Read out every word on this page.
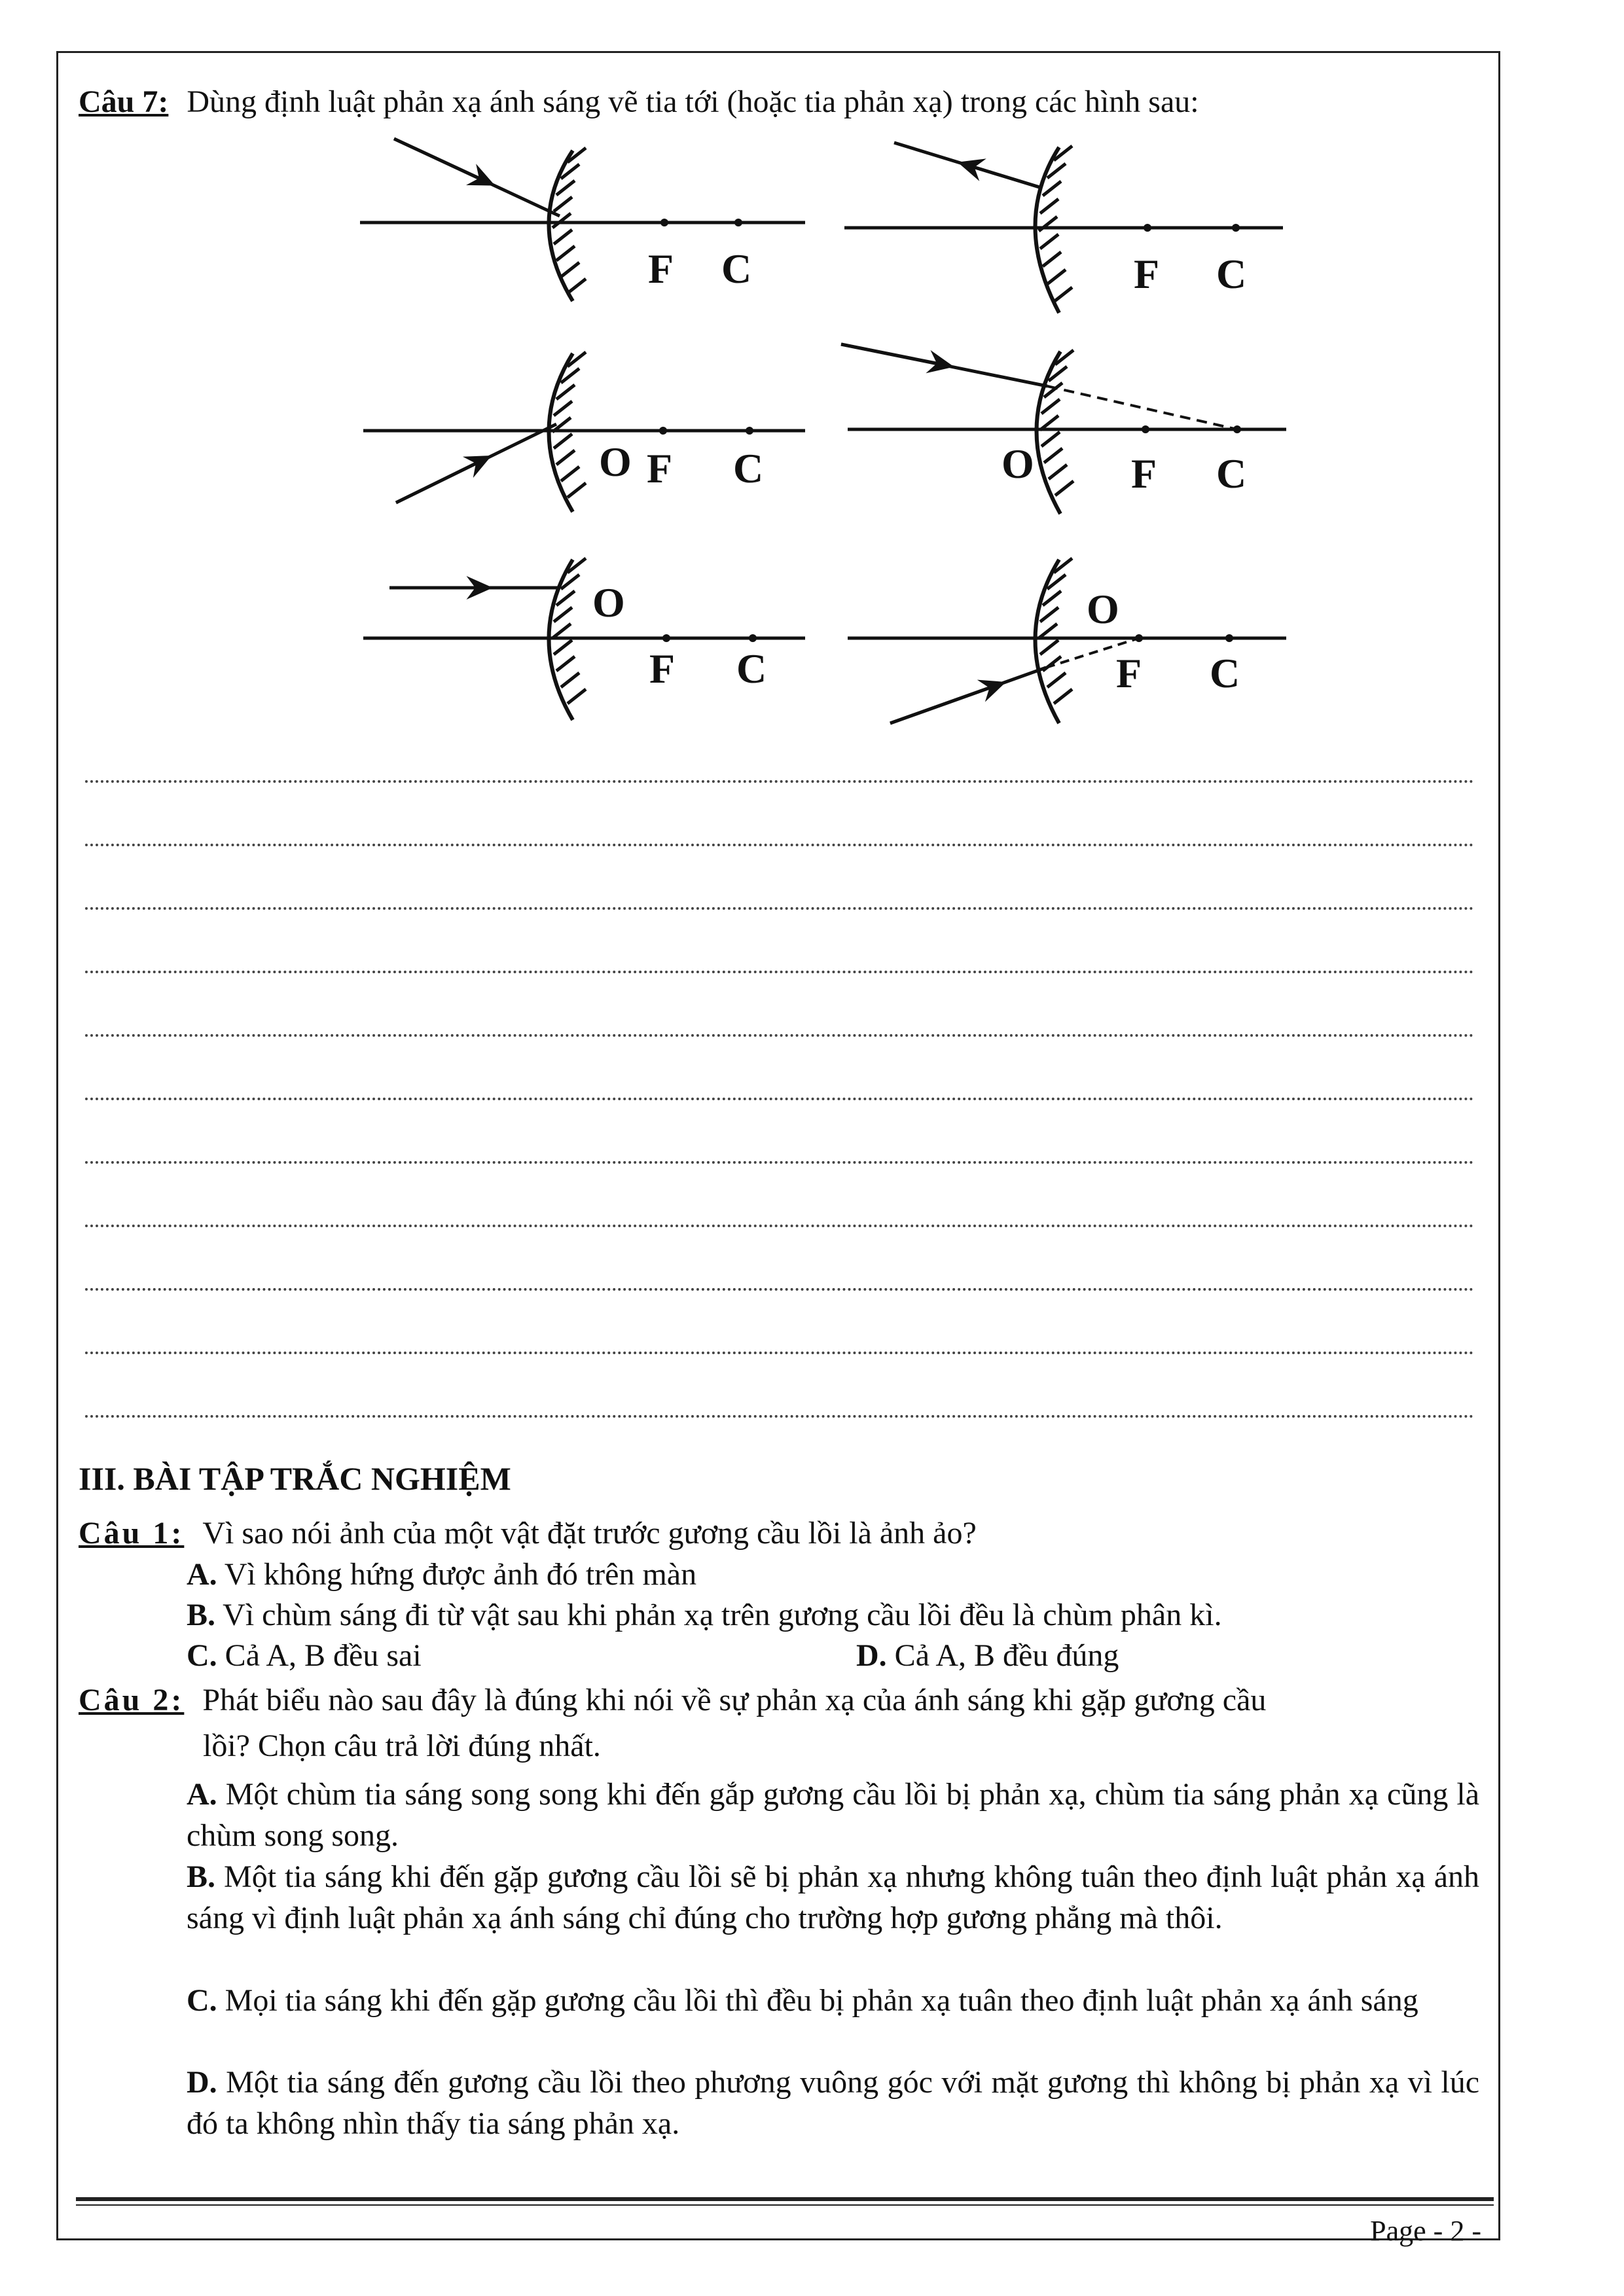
Câu 7: Dùng định luật phản xạ ánh sáng vẽ tia tới (hoặc tia phản xạ) trong các hình sau:
F C	F C
O F C	O F C
O
F C
O
F C
III. BÀI TẬP TRẮC NGHIỆM
Câu 1: Vì sao nói ảnh của một vật đặt trước gương cầu lồi là ảnh ảo?
A. Vì không hứng được ảnh đó trên màn
B. Vì chùm sáng đi từ vật sau khi phản xạ trên gương cầu lồi đều là chùm phân kì.
C. Cả A, B đều sai	D. Cả A, B đều đúng
Câu 2: Phát biểu nào sau đây là đúng khi nói về sự phản xạ của ánh sáng khi gặp gương cầu
lồi? Chọn câu trả lời đúng nhất.
A. Một chùm tia sáng song song khi đến gắp gương cầu lồi bị phản xạ, chùm tia sáng phản xạ cũng là chùm song song.
B. Một tia sáng khi đến gặp gương cầu lồi sẽ bị phản xạ nhưng không tuân theo định luật phản xạ ánh sáng vì định luật phản xạ ánh sáng chỉ đúng cho trường hợp gương phẳng mà thôi.
C. Mọi tia sáng khi đến gặp gương cầu lồi thì đều bị phản xạ tuân theo định luật phản xạ ánh sáng
D. Một tia sáng đến gương cầu lồi theo phương vuông góc với mặt gương thì không bị phản xạ vì lúc đó ta không nhìn thấy tia sáng phản xạ.
Page - 2 -
